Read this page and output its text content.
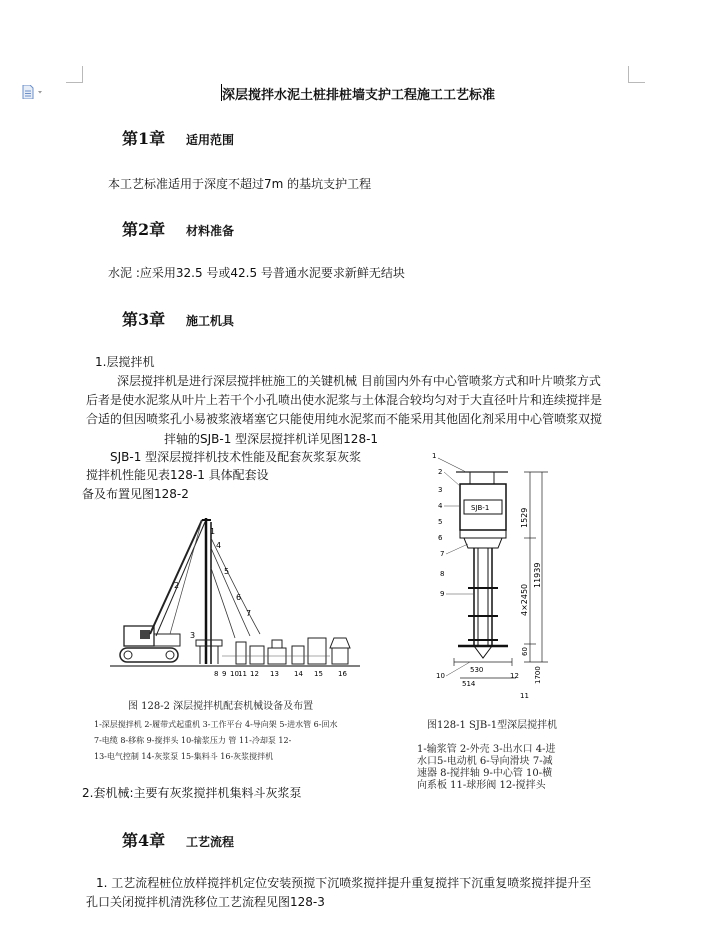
深层搅拌水泥土桩排桩墙支护工程施工工艺标准
第1章 适用范围
本工艺标准适用于深度不超过7m 的基坑支护工程
第2章 材料准备
水泥 :应采用32.5 号或42.5 号普通水泥要求新鲜无结块
第3章 施工机具
1.层搅拌机
深层搅拌机是进行深层搅拌桩施工的关键机械 目前国内外有中心管喷浆方式和叶片喷浆方式
后者是使水泥浆从叶片上若干个小孔喷出使水泥浆与土体混合较均匀对于大直径叶片和连续搅拌是
合适的但因喷浆孔小易被浆液堵塞它只能使用纯水泥浆而不能采用其他固化剂采用中心管喷浆双搅
拌轴的SJB-1 型深层搅拌机详见图128-1
SJB-1 型深层搅拌机技术性能及配套灰浆泵灰浆
搅拌机性能见表128-1 具体配套设
备及布置见图128-2
1
2
3
4
5
6
7
8 9 10 11 12 13 14 15 16
图 128-2 深层搅拌机配套机械设备及布置
1-深层搅拌机 2-履带式起重机 3-工作平台 4-导向架 5-进水管 6-回水
7-电缆 8-移称 9-搅拌头 10-输浆压力 管 11-冷却泵 12-
13-电气控制 14-灰浆泵 15-集料斗 16-灰浆搅拌机
SJB-1
530
514
1529
4×2450
11939
60
1700
1
2
3
4
5
6
7
8
9
10
11
12
图128-1 SJB-1型深层搅拌机
1-输浆管 2-外壳 3-出水口 4-进
水口5-电动机 6-导向滑块 7-减
速器 8-搅拌轴 9-中心管 10-横
向系板 11-球形阀 12-搅拌头
2.套机械:主要有灰浆搅拌机集料斗灰浆泵
第4章 工艺流程
1. 工艺流程桩位放样搅拌机定位安装预搅下沉喷浆搅拌提升重复搅拌下沉重复喷浆搅拌提升至
孔口关闭搅拌机清洗移位工艺流程见图128-3
